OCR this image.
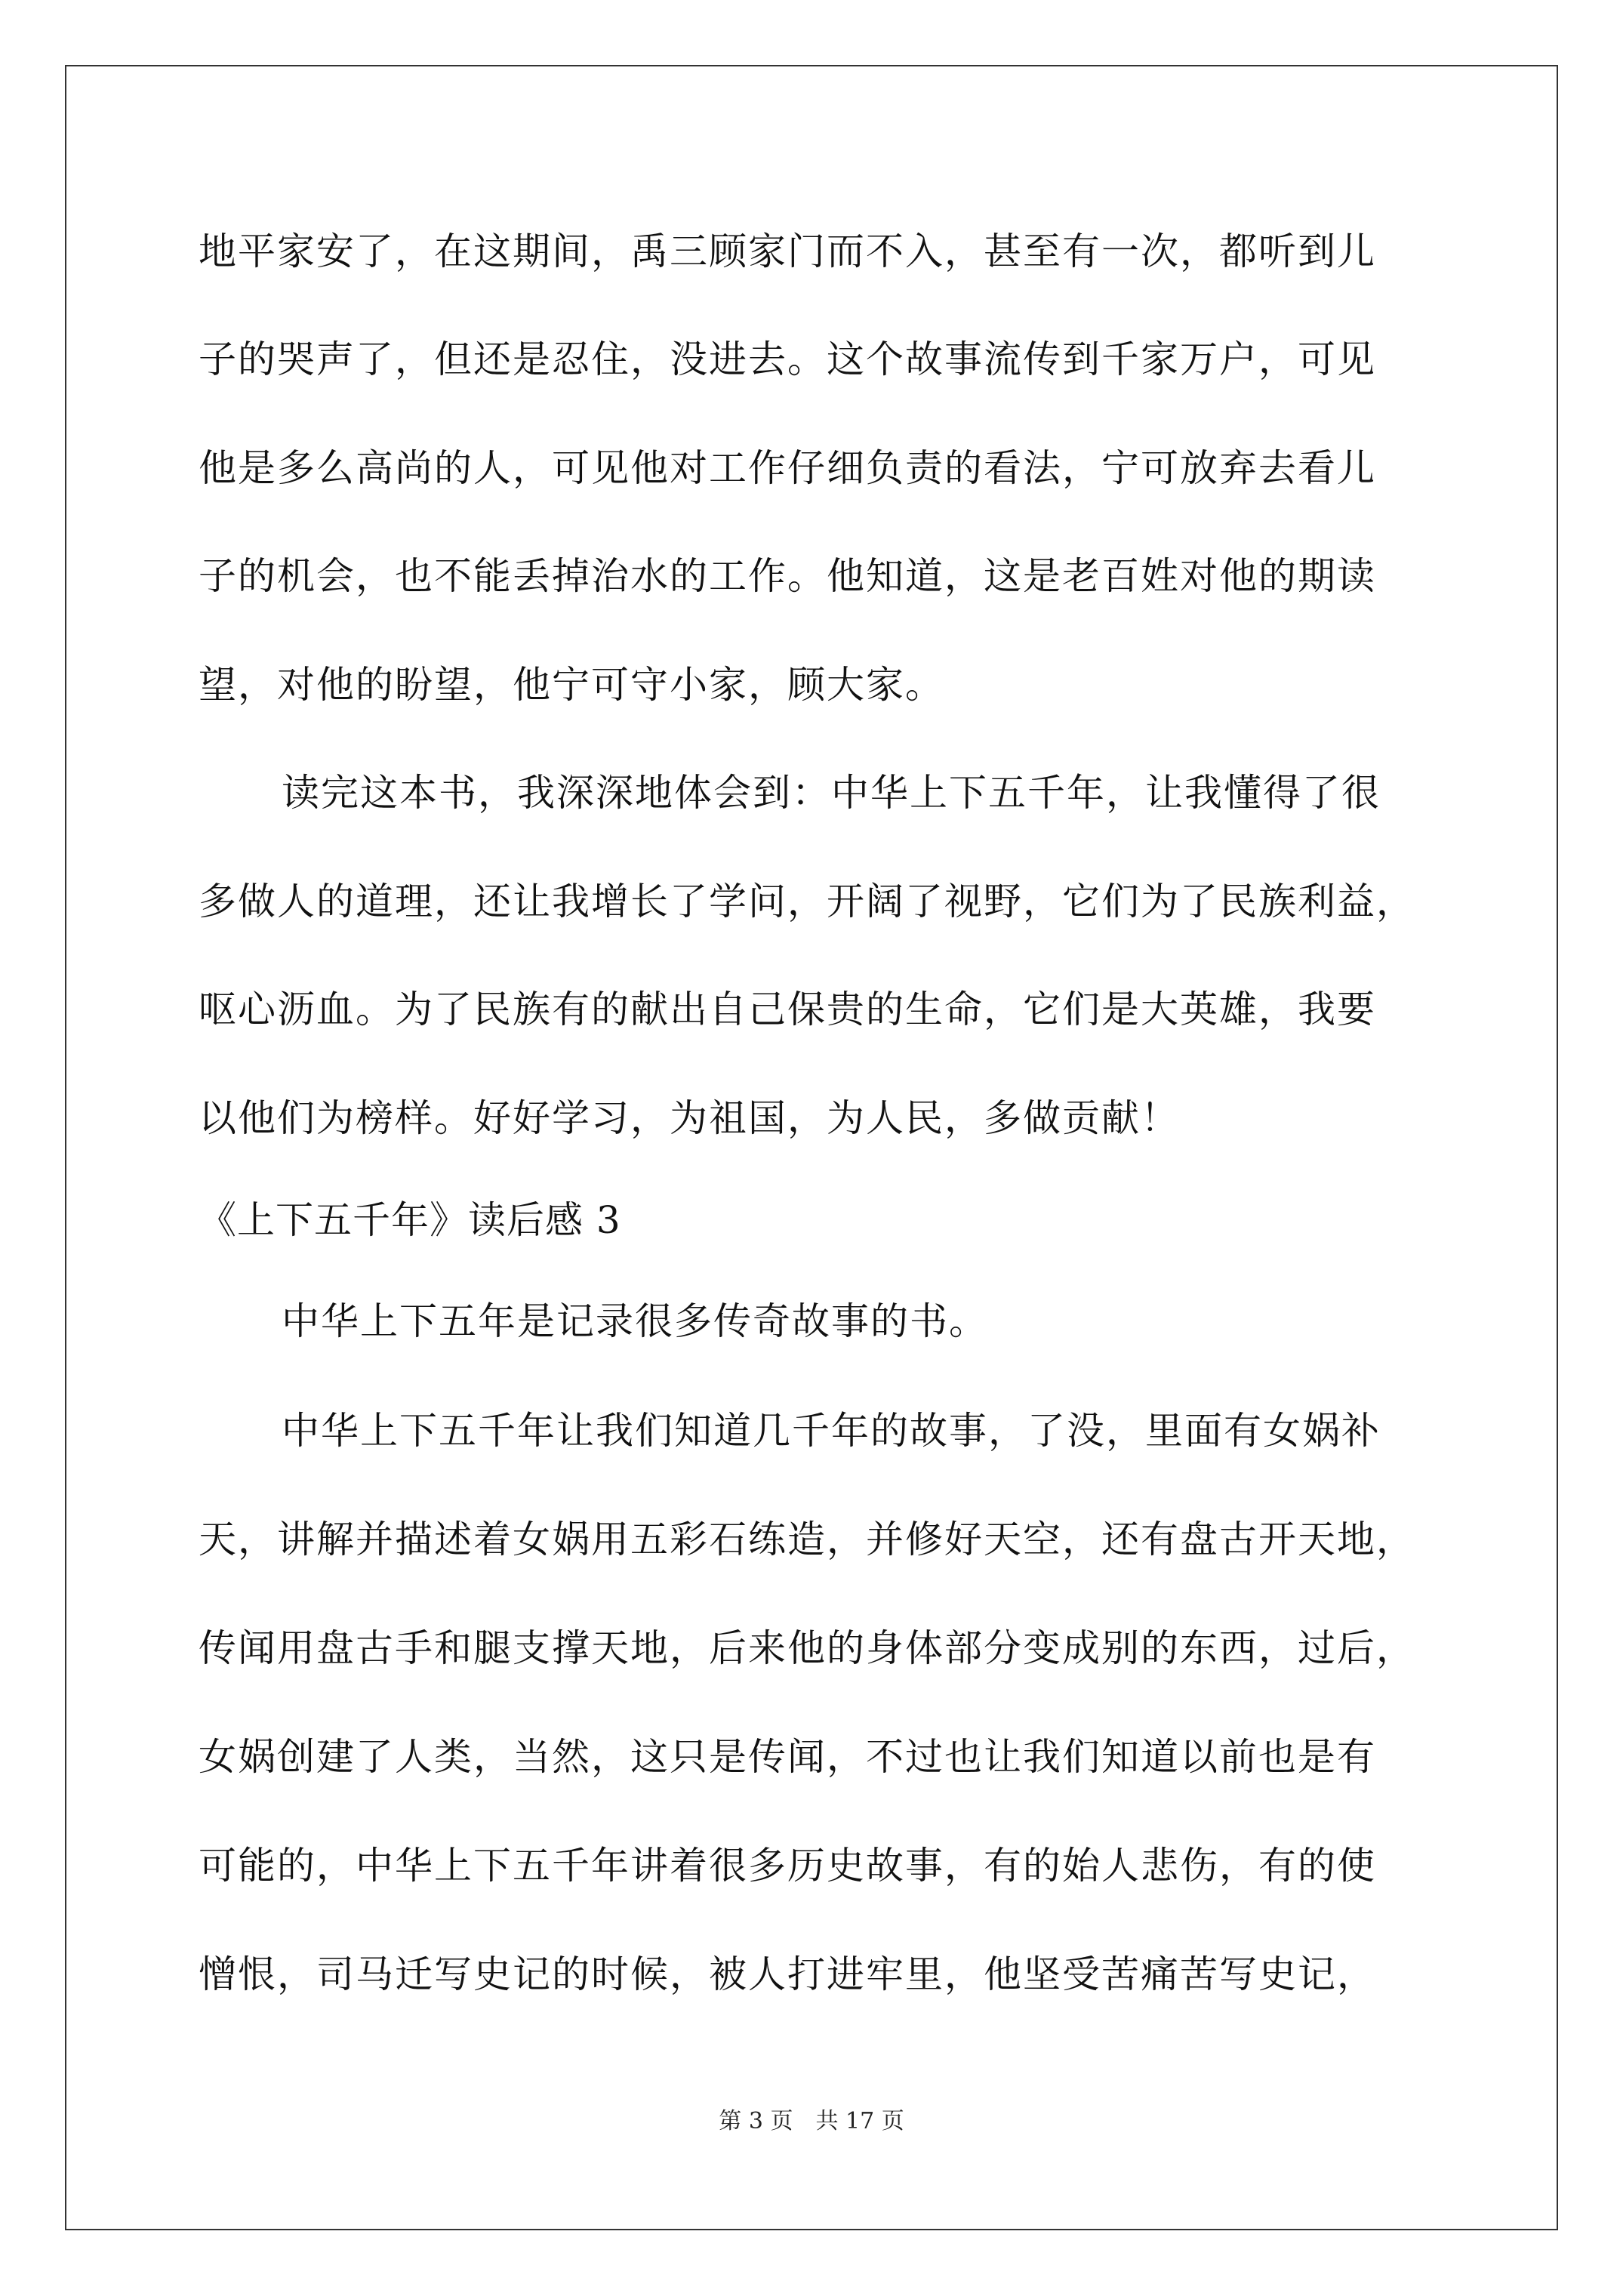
地平家安了，在这期间，禹三顾家门而不入，甚至有一次，都听到儿
子的哭声了，但还是忍住，没进去。这个故事流传到千家万户，可见
他是多么高尚的人，可见他对工作仔细负责的看法，宁可放弃去看儿
子的机会，也不能丢掉治水的工作。他知道，这是老百姓对他的期读
望，对他的盼望，他宁可守小家，顾大家。
读完这本书，我深深地体会到：中华上下五千年，让我懂得了很
多做人的道理，还让我增长了学问，开阔了视野，它们为了民族利益，
呕心沥血。为了民族有的献出自己保贵的生命，它们是大英雄，我要
以他们为榜样。好好学习，为祖国，为人民，多做贡献！
《上下五千年》读后感 3
中华上下五年是记录很多传奇故事的书。
中华上下五千年让我们知道几千年的故事，了没，里面有女娲补
天，讲解并描述着女娲用五彩石练造，并修好天空，还有盘古开天地，
传闻用盘古手和腿支撑天地，后来他的身体部分变成别的东西，过后，
女娲创建了人类，当然，这只是传闻，不过也让我们知道以前也是有
可能的，中华上下五千年讲着很多历史故事，有的始人悲伤，有的使
憎恨，司马迁写史记的时候，被人打进牢里，他坚受苦痛苦写史记，
第 3 页　共 17 页
